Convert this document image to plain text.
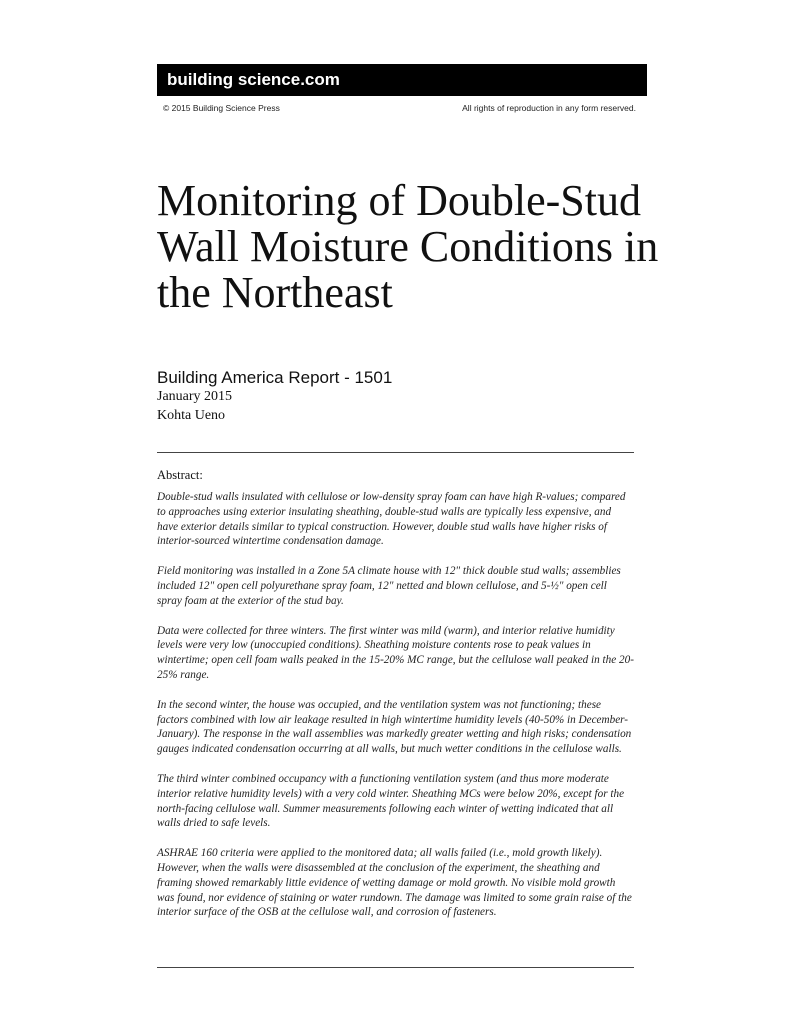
building science.com
© 2015 Building Science Press	All rights of reproduction in any form reserved.
Monitoring of Double-Stud Wall Moisture Conditions in the Northeast
Building America Report - 1501
January 2015
Kohta Ueno
Abstract:

Double-stud walls insulated with cellulose or low-density spray foam can have high R-values; compared to approaches using exterior insulating sheathing, double-stud walls are typically less expensive, and have exterior details similar to typical construction. However, double stud walls have higher risks of interior-sourced wintertime condensation damage.

Field monitoring was installed in a Zone 5A climate house with 12" thick double stud walls; assemblies included 12" open cell polyurethane spray foam, 12" netted and blown cellulose, and 5-½" open cell spray foam at the exterior of the stud bay.

Data were collected for three winters. The first winter was mild (warm), and interior relative humidity levels were very low (unoccupied conditions). Sheathing moisture contents rose to peak values in wintertime; open cell foam walls peaked in the 15-20% MC range, but the cellulose wall peaked in the 20-25% range.

In the second winter, the house was occupied, and the ventilation system was not functioning; these factors combined with low air leakage resulted in high wintertime humidity levels (40-50% in December-January). The response in the wall assemblies was markedly greater wetting and high risks; condensation gauges indicated condensation occurring at all walls, but much wetter conditions in the cellulose walls.

The third winter combined occupancy with a functioning ventilation system (and thus more moderate interior relative humidity levels) with a very cold winter. Sheathing MCs were below 20%, except for the north-facing cellulose wall. Summer measurements following each winter of wetting indicated that all walls dried to safe levels.

ASHRAE 160 criteria were applied to the monitored data; all walls failed (i.e., mold growth likely). However, when the walls were disassembled at the conclusion of the experiment, the sheathing and framing showed remarkably little evidence of wetting damage or mold growth. No visible mold growth was found, nor evidence of staining or water rundown. The damage was limited to some grain raise of the interior surface of the OSB at the cellulose wall, and corrosion of fasteners.
